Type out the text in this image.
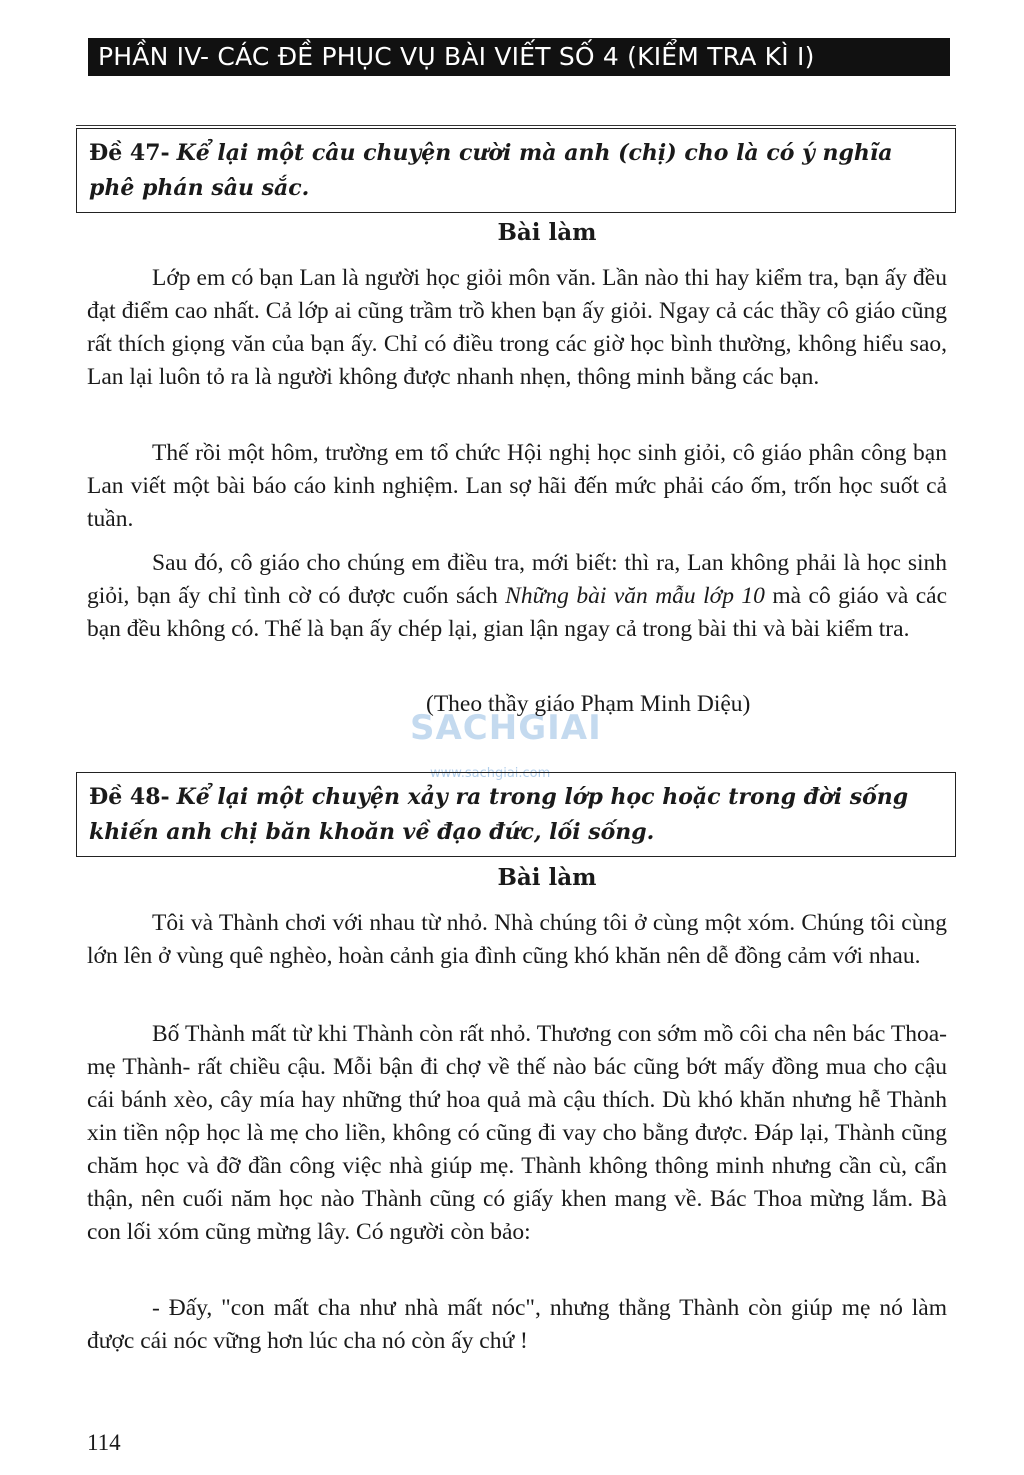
PHẦN IV- CÁC ĐỀ PHỤC VỤ BÀI VIẾT SỐ 4 (KIỂM TRA KÌ I)
Đề 47- Kể lại một câu chuyện cười mà anh (chị) cho là có ý nghĩa phê phán sâu sắc.
Bài làm

Lớp em có bạn Lan là người học giỏi môn văn. Lần nào thi hay kiểm tra, bạn ấy đều đạt điểm cao nhất. Cả lớp ai cũng trầm trồ khen bạn ấy giỏi. Ngay cả các thầy cô giáo cũng rất thích giọng văn của bạn ấy. Chỉ có điều trong các giờ học bình thường, không hiểu sao, Lan lại luôn tỏ ra là người không được nhanh nhẹn, thông minh bằng các bạn.

Thế rồi một hôm, trường em tổ chức Hội nghị học sinh giỏi, cô giáo phân công bạn Lan viết một bài báo cáo kinh nghiệm. Lan sợ hãi đến mức phải cáo ốm, trốn học suốt cả tuần.

Sau đó, cô giáo cho chúng em điều tra, mới biết: thì ra, Lan không phải là học sinh giỏi, bạn ấy chỉ tình cờ có được cuốn sách Những bài văn mẫu lớp 10 mà cô giáo và các bạn đều không có. Thế là bạn ấy chép lại, gian lận ngay cả trong bài thi và bài kiểm tra.

SACHGIAI
www.sachgiai.com
(Theo thầy giáo Phạm Minh Diệu)
Đề 48- Kể lại một chuyện xảy ra trong lớp học hoặc trong đời sống khiến anh chị băn khoăn về đạo đức, lối sống.
Bài làm

Tôi và Thành chơi với nhau từ nhỏ. Nhà chúng tôi ở cùng một xóm. Chúng tôi cùng lớn lên ở vùng quê nghèo, hoàn cảnh gia đình cũng khó khăn nên dễ đồng cảm với nhau.

Bố Thành mất từ khi Thành còn rất nhỏ. Thương con sớm mồ côi cha nên bác Thoa- mẹ Thành- rất chiều cậu. Mỗi bận đi chợ về thế nào bác cũng bớt mấy đồng mua cho cậu cái bánh xèo, cây mía hay những thứ hoa quả mà cậu thích. Dù khó khăn nhưng hễ Thành xin tiền nộp học là mẹ cho liền, không có cũng đi vay cho bằng được. Đáp lại, Thành cũng chăm học và đỡ đần công việc nhà giúp mẹ. Thành không thông minh nhưng cần cù, cẩn thận, nên cuối năm học nào Thành cũng có giấy khen mang về. Bác Thoa mừng lắm. Bà con lối xóm cũng mừng lây. Có người còn bảo:

- Đấy, "con mất cha như nhà mất nóc", nhưng thằng Thành còn giúp mẹ nó làm được cái nóc vững hơn lúc cha nó còn ấy chứ !

114
